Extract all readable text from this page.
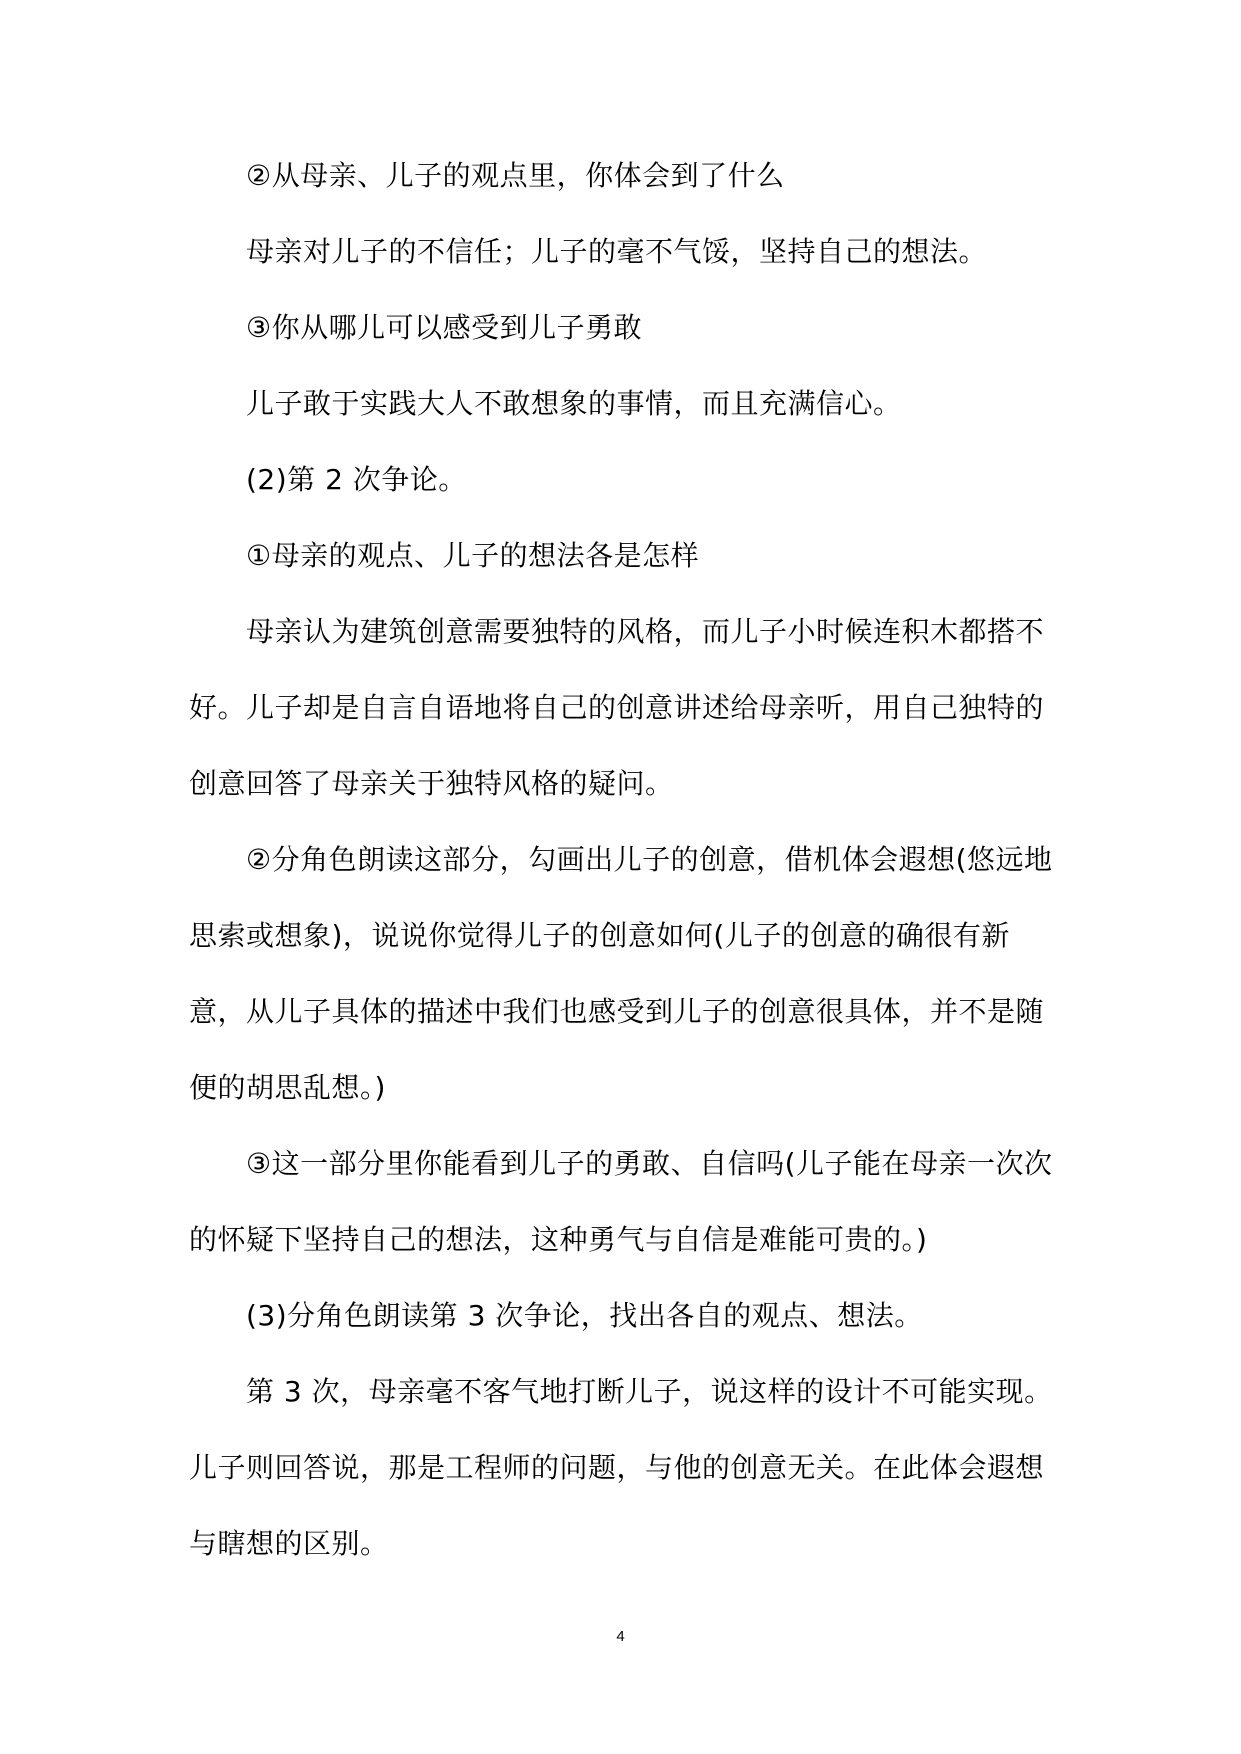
②从母亲、儿子的观点里，你体会到了什么

母亲对儿子的不信任；儿子的毫不气馁，坚持自己的想法。

③你从哪儿可以感受到儿子勇敢

儿子敢于实践大人不敢想象的事情，而且充满信心。

(2)第 2 次争论。

①母亲的观点、儿子的想法各是怎样

母亲认为建筑创意需要独特的风格，而儿子小时候连积木都搭不好。儿子却是自言自语地将自己的创意讲述给母亲听，用自己独特的创意回答了母亲关于独特风格的疑问。

②分角色朗读这部分，勾画出儿子的创意，借机体会遐想(悠远地思索或想象)，说说你觉得儿子的创意如何(儿子的创意的确很有新意，从儿子具体的描述中我们也感受到儿子的创意很具体，并不是随便的胡思乱想。)

③这一部分里你能看到儿子的勇敢、自信吗(儿子能在母亲一次次的怀疑下坚持自己的想法，这种勇气与自信是难能可贵的。)

(3)分角色朗读第 3 次争论，找出各自的观点、想法。

第 3 次，母亲毫不客气地打断儿子，说这样的设计不可能实现。儿子则回答说，那是工程师的问题，与他的创意无关。在此体会遐想与瞎想的区别。

4
